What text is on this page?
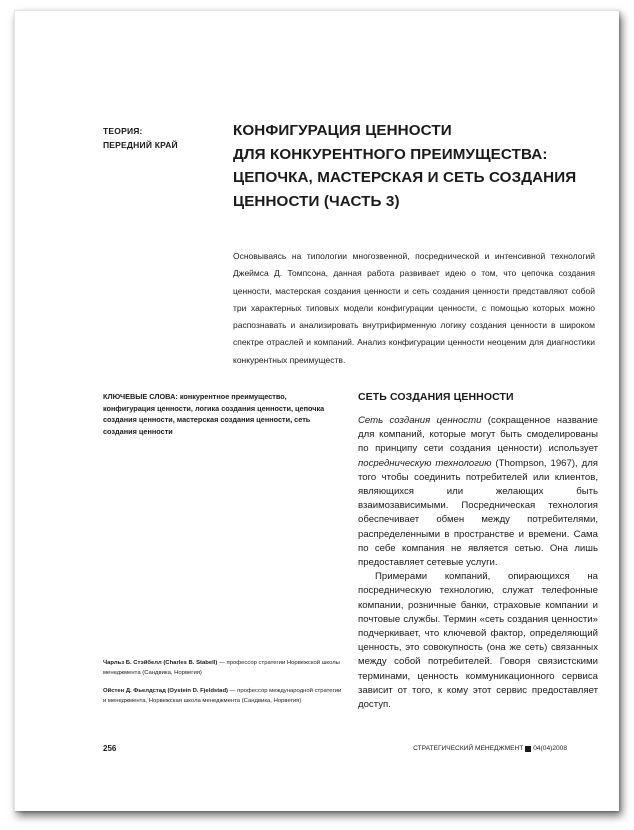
ТЕОРИЯ:
ПЕРЕДНИЙ КРАЙ
КОНФИГУРАЦИЯ ЦЕННОСТИ
ДЛЯ КОНКУРЕНТНОГО ПРЕИМУЩЕСТВА:
ЦЕПОЧКА, МАСТЕРСКАЯ И СЕТЬ СОЗДАНИЯ
ЦЕННОСТИ (ЧАСТЬ 3)

Основываясь на типологии многозвенной, посреднической и интенсивной технологий Джеймса Д. Томпсона, данная работа развивает идею о том, что цепочка создания ценности, мастерская создания ценности и сеть создания ценности представляют собой три характерных типовых модели конфигурации ценности, с помощью которых можно распознавать и анализировать внутрифирменную логику создания ценности в широком спектре отраслей и компаний. Анализ конфигурации ценности неоценим для диагностики конкурентных преимуществ.

КЛЮЧЕВЫЕ СЛОВА: конкурентное преимущество, конфигурация ценности, логика создания ценности, цепочка создания ценности, мастерская создания ценности, сеть создания ценности

СЕТЬ СОЗДАНИЯ ЦЕННОСТИ

Сеть создания ценности (сокращенное название для компаний, которые могут быть смоделированы по принципу сети создания ценности) использует посредническую технологию (Thompson, 1967), для того чтобы соединить потребителей или клиентов, являющихся или желающих быть взаимозависимыми. Посредническая технология обеспечивает обмен между потребителями, распределенными в пространстве и времени. Сама по себе компания не является сетью. Она лишь предоставляет сетевые услуги.

Примерами компаний, опирающихся на посредническую технологию, служат телефонные компании, розничные банки, страховые компании и почтовые службы. Термин «сеть создания ценности» подчеркивает, что ключевой фактор, определяющий ценность, это совокупность (она же сеть) связанных между собой потребителей. Говоря связистскими терминами, ценность коммуникационного сервиса зависит от того, к кому этот сервис предоставляет доступ.

Чарльз Б. Стэйбелл (Charles B. Stabell) — профессор стратегии Норвежской школы менеджмента (Сандвика, Норвегия)

Ойстен Д. Фьелдстад (Oystein D. Fjeldstad) — профессор международной стратегии и менеджмента, Норвежская школа менеджмента (Сандвика, Норвегия)

256	СТРАТЕГИЧЕСКИЙ МЕНЕДЖМЕНТ 04(04)2008
